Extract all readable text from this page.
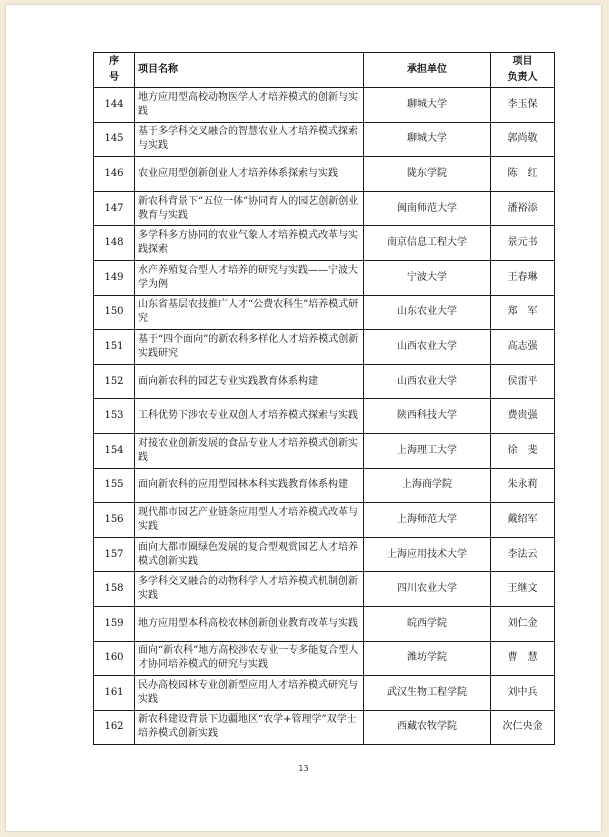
序
号	项目名称	承担单位	项目
负责人
144	地方应用型高校动物医学人才培养模式的创新与实践	聊城大学	李玉保
145	基于多学科交叉融合的智慧农业人才培养模式探索与实践	聊城大学	郭尚敬
146	农业应用型创新创业人才培养体系探索与实践	陇东学院	陈　红
147	新农科背景下“五位一体”协同育人的园艺创新创业教育与实践	闽南师范大学	潘裕添
148	多学科多方协同的农业气象人才培养模式改革与实践探索	南京信息工程大学	景元书
149	水产养殖复合型人才培养的研究与实践——宁波大学为例	宁波大学	王春琳
150	山东省基层农技推广人才“公费农科生”培养模式研究	山东农业大学	郑　军
151	基于“四个面向”的新农科多样化人才培养模式创新实践研究	山西农业大学	高志强
152	面向新农科的园艺专业实践教育体系构建	山西农业大学	侯雷平
153	工科优势下涉农专业双创人才培养模式探索与实践	陕西科技大学	费贵强
154	对接农业创新发展的食品专业人才培养模式创新实践	上海理工大学	徐　斐
155	面向新农科的应用型园林本科实践教育体系构建	上海商学院	朱永莉
156	现代都市园艺产业链条应用型人才培养模式改革与实践	上海师范大学	戴绍军
157	面向大都市圈绿色发展的复合型观赏园艺人才培养模式创新实践	上海应用技术大学	李法云
158	多学科交叉融合的动物科学人才培养模式机制创新实践	四川农业大学	王继文
159	地方应用型本科高校农林创新创业教育改革与实践	皖西学院	刘仁金
160	面向“新农科”地方高校涉农专业一专多能复合型人才协同培养模式的研究与实践	潍坊学院	曹　慧
161	民办高校园林专业创新型应用人才培养模式研究与实践	武汉生物工程学院	刘中兵
162	新农科建设背景下边疆地区“农学+管理学”双学士培养模式创新实践	西藏农牧学院	次仁央金
13
